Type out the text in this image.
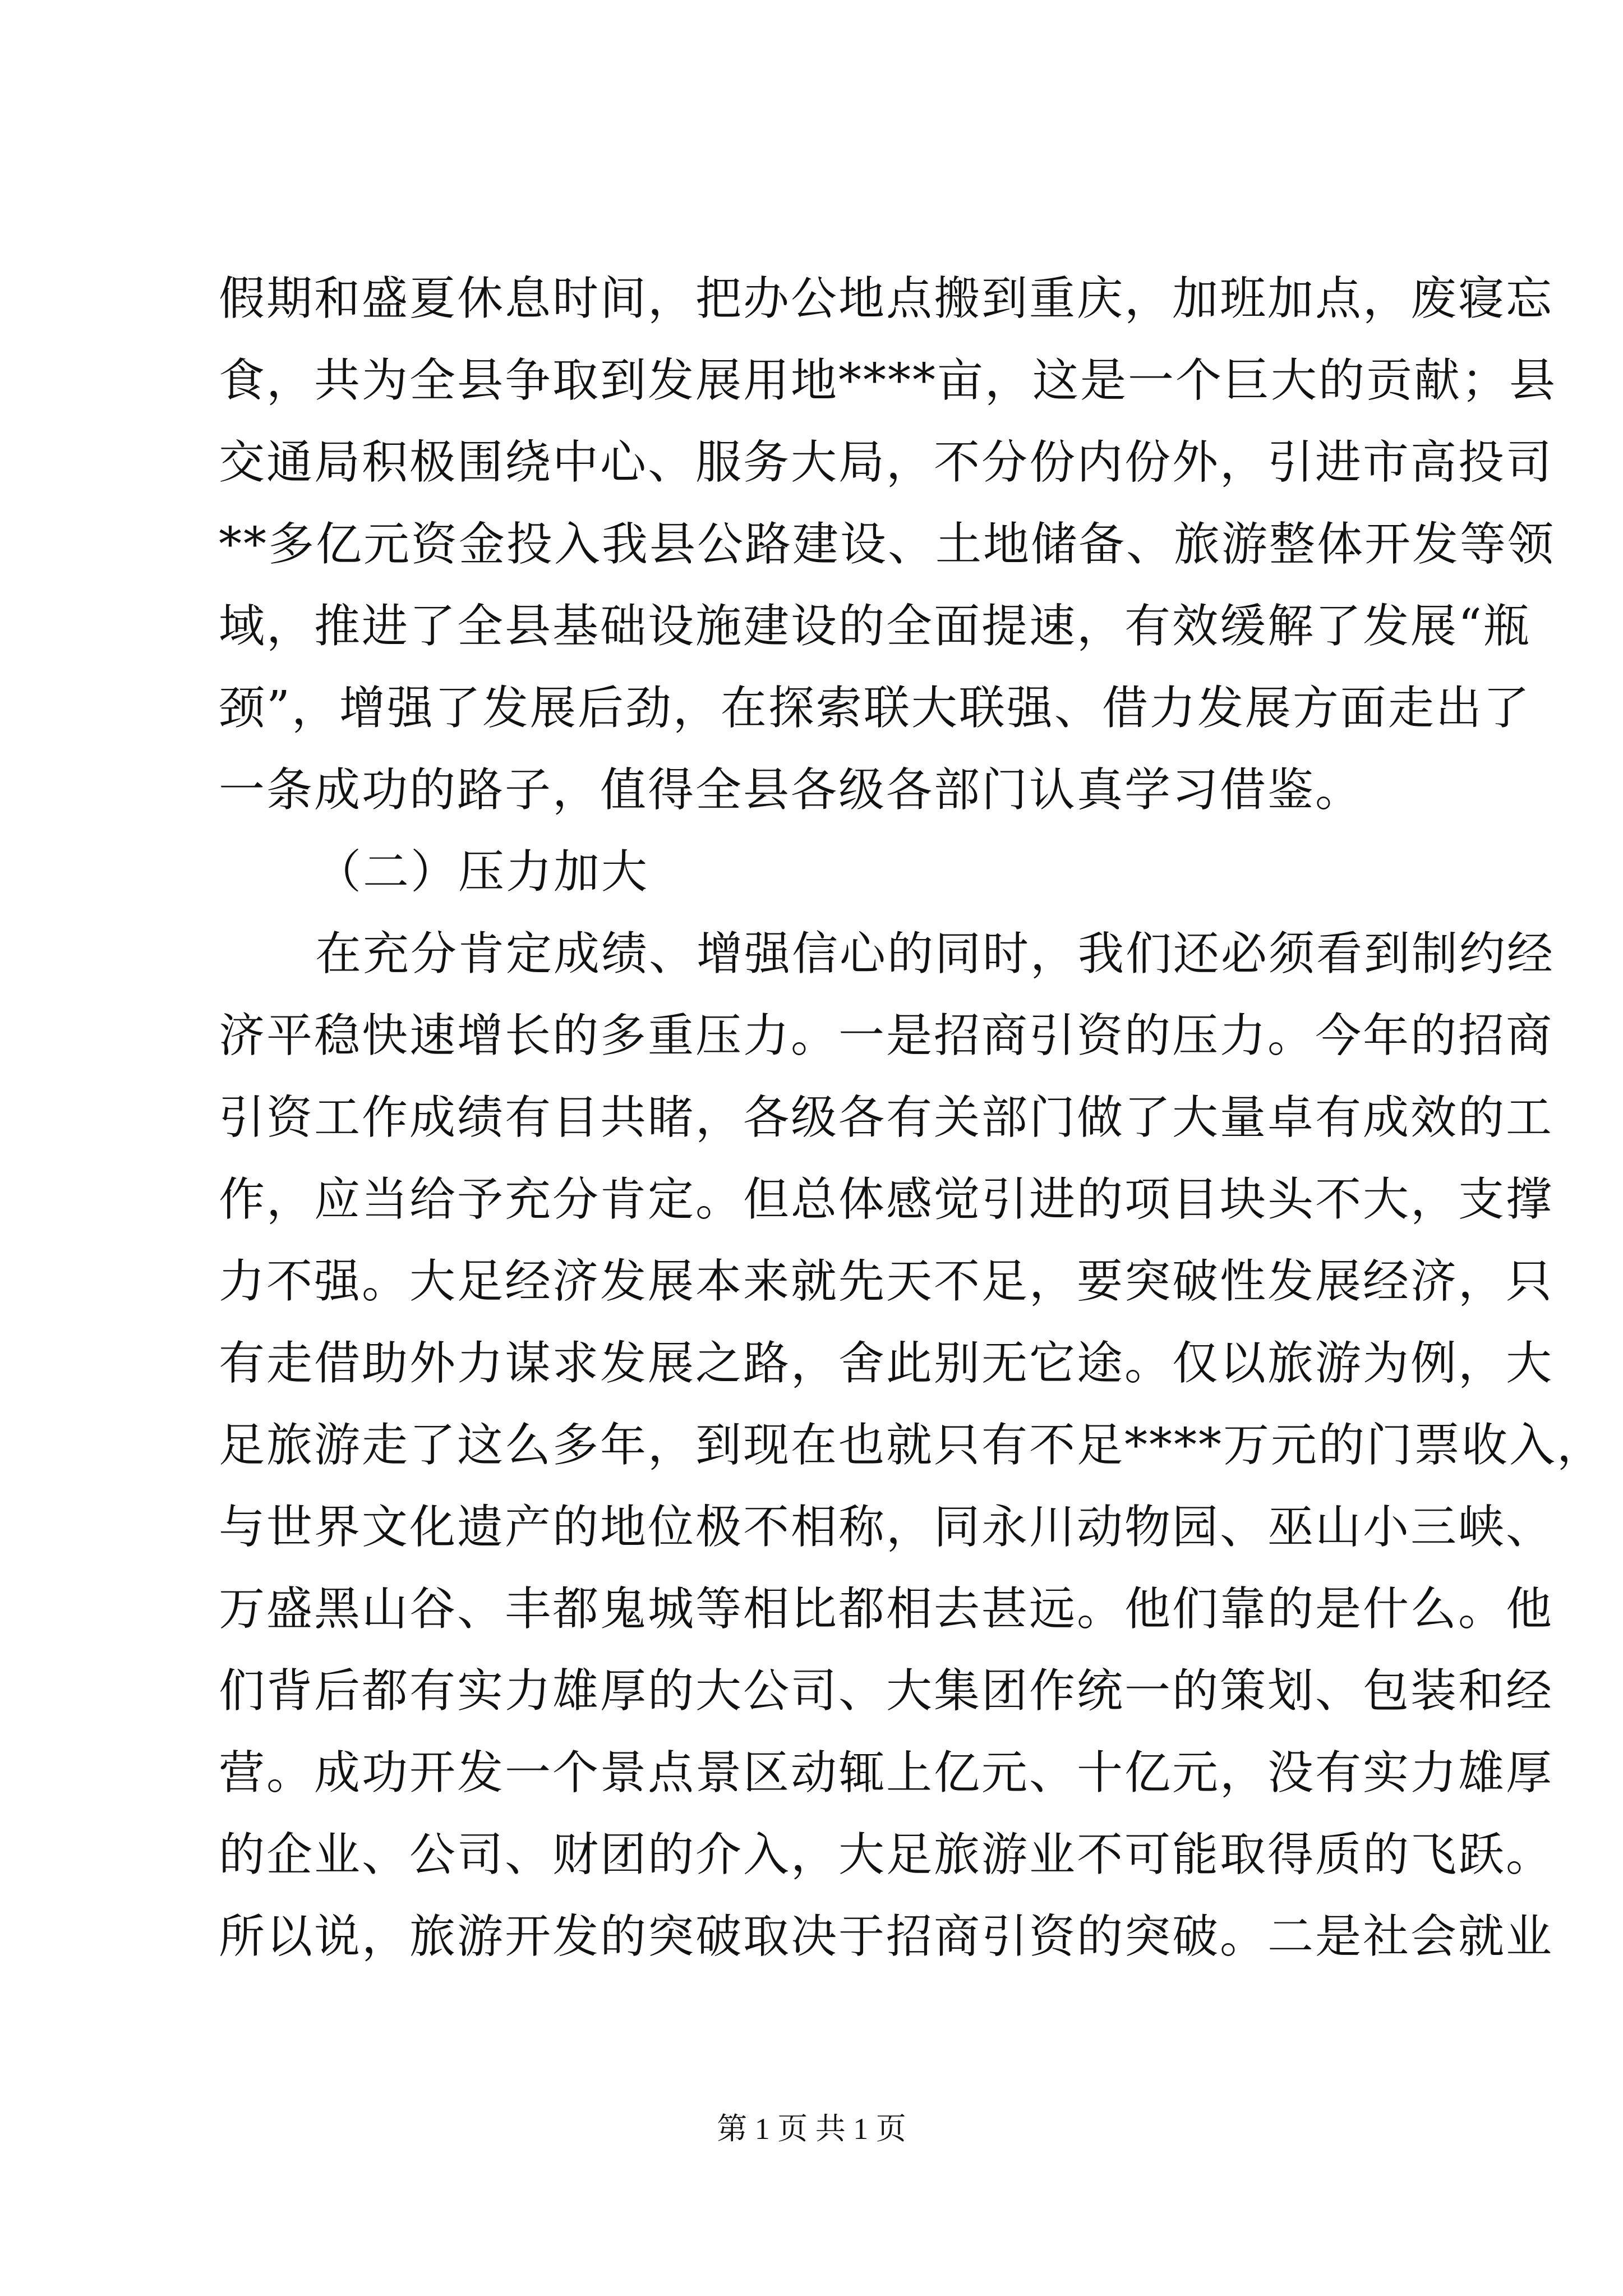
假期和盛夏休息时间，把办公地点搬到重庆，加班加点，废寝忘
食，共为全县争取到发展用地****亩，这是一个巨大的贡献；县
交通局积极围绕中心、服务大局，不分份内份外，引进市高投司
**多亿元资金投入我县公路建设、土地储备、旅游整体开发等领
域，推进了全县基础设施建设的全面提速，有效缓解了发展“瓶
颈”，增强了发展后劲，在探索联大联强、借力发展方面走出了
一条成功的路子，值得全县各级各部门认真学习借鉴。
（二）压力加大
在充分肯定成绩、增强信心的同时，我们还必须看到制约经
济平稳快速增长的多重压力。一是招商引资的压力。今年的招商
引资工作成绩有目共睹，各级各有关部门做了大量卓有成效的工
作，应当给予充分肯定。但总体感觉引进的项目块头不大，支撑
力不强。大足经济发展本来就先天不足，要突破性发展经济，只
有走借助外力谋求发展之路，舍此别无它途。仅以旅游为例，大
足旅游走了这么多年，到现在也就只有不足****万元的门票收入，
与世界文化遗产的地位极不相称，同永川动物园、巫山小三峡、
万盛黑山谷、丰都鬼城等相比都相去甚远。他们靠的是什么。他
们背后都有实力雄厚的大公司、大集团作统一的策划、包装和经
营。成功开发一个景点景区动辄上亿元、十亿元，没有实力雄厚
的企业、公司、财团的介入，大足旅游业不可能取得质的飞跃。
所以说，旅游开发的突破取决于招商引资的突破。二是社会就业
第 1 页 共 1 页
